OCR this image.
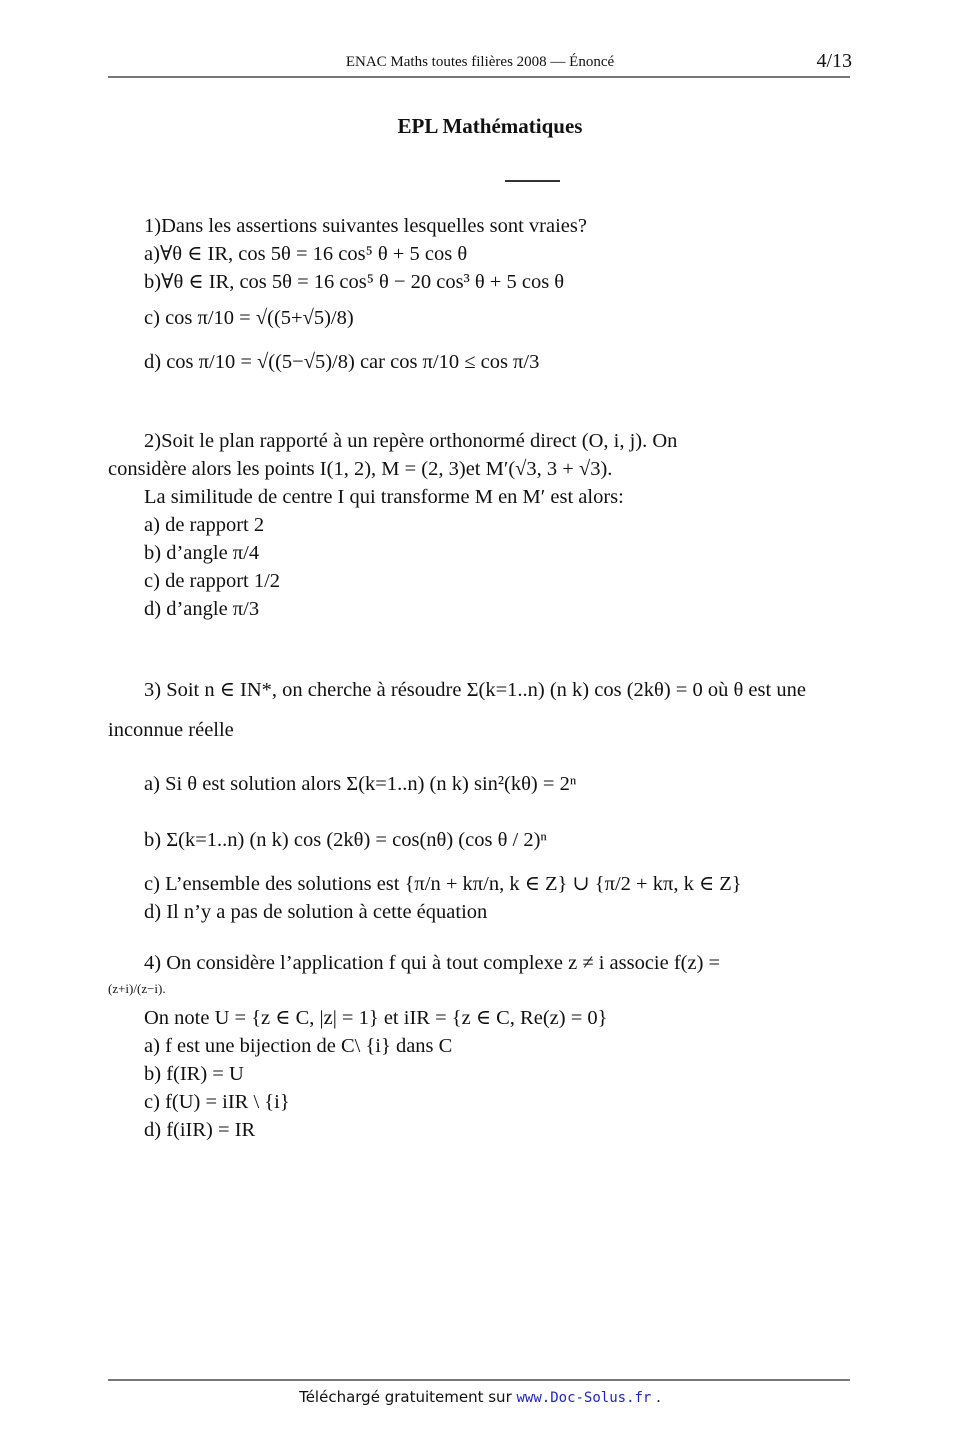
ENAC Maths toutes filières 2008 — Énoncé	4/13
EPL Mathématiques
1)Dans les assertions suivantes lesquelles sont vraies?
a)∀θ ∈ IR, cos 5θ = 16 cos⁵ θ + 5 cos θ
b)∀θ ∈ IR, cos 5θ = 16 cos⁵ θ − 20 cos³ θ + 5 cos θ
c) cos π/10 = √((5+√5)/8)
d) cos π/10 = √((5−√5)/8) car cos π/10 ≤ cos π/3
2)Soit le plan rapporté à un repère orthonormé direct (O, i, j). On
considère alors les points I(1, 2), M = (2, 3)et M′(√3, 3 + √3).
La similitude de centre I qui transforme M en M′ est alors:
a) de rapport 2
b) d’angle π/4
c) de rapport 1/2
d) d’angle π/3
3) Soit n ∈ IN*, on cherche à résoudre Σ(k=1..n) (n k) cos (2kθ) = 0 où θ est une
inconnue réelle
a) Si θ est solution alors Σ(k=1..n) (n k) sin²(kθ) = 2ⁿ
b) Σ(k=1..n) (n k) cos (2kθ) = cos(nθ) (cos θ / 2)ⁿ
c) L’ensemble des solutions est {π/n + kπ/n, k ∈ Z} ∪ {π/2 + kπ, k ∈ Z}
d) Il n’y a pas de solution à cette équation
4) On considère l’application f qui à tout complexe z ≠ i associe f(z) =
(z+i)/(z−i).
On note U = {z ∈ C, |z| = 1} et iIR = {z ∈ C, Re(z) = 0}
a) f est une bijection de C\ {i} dans C
b) f(IR) = U
c) f(U) = iIR \ {i}
d) f(iIR) = IR
Téléchargé gratuitement sur www.Doc-Solus.fr .
